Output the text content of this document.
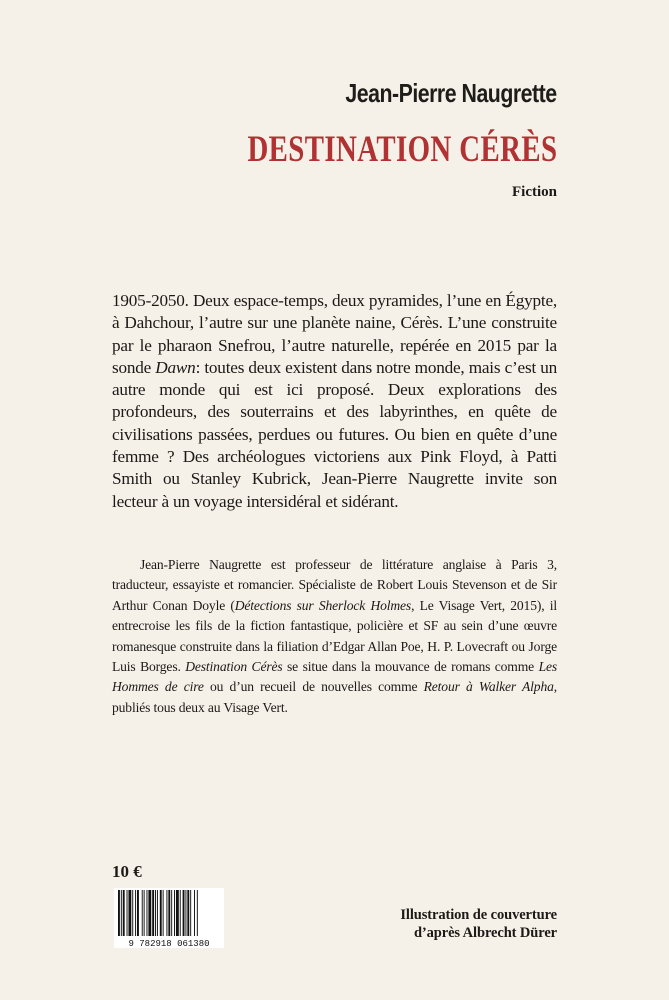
Jean-Pierre Naugrette
DESTINATION CÉRÈS
Fiction

1905-2050. Deux espace-temps, deux pyramides, l’une en Égypte, à Dahchour, l’autre sur une planète naine, Cérès. L’une construite par le pharaon Snefrou, l’autre naturelle, repérée en 2015 par la sonde Dawn: toutes deux existent dans notre monde, mais c’est un autre monde qui est ici proposé. Deux explorations des profondeurs, des souterrains et des labyrinthes, en quête de civilisations passées, perdues ou futures. Ou bien en quête d’une femme ? Des archéologues victoriens aux Pink Floyd, à Patti Smith ou Stanley Kubrick, Jean-Pierre Naugrette invite son lecteur à un voyage intersidéral et sidérant.

Jean-Pierre Naugrette est professeur de littérature anglaise à Paris 3, traducteur, essayiste et romancier. Spécialiste de Robert Louis Stevenson et de Sir Arthur Conan Doyle (Détections sur Sherlock Holmes, Le Visage Vert, 2015), il entrecroise les fils de la fiction fantastique, policière et SF au sein d’une œuvre romanesque construite dans la filiation d’Edgar Allan Poe, H. P. Lovecraft ou Jorge Luis Borges. Destination Cérès se situe dans la mouvance de romans comme Les Hommes de cire ou d’un recueil de nouvelles comme Retour à Walker Alpha, publiés tous deux au Visage Vert.

10 €
9 782918 061380
Illustration de couverture
d’après Albrecht Dürer
